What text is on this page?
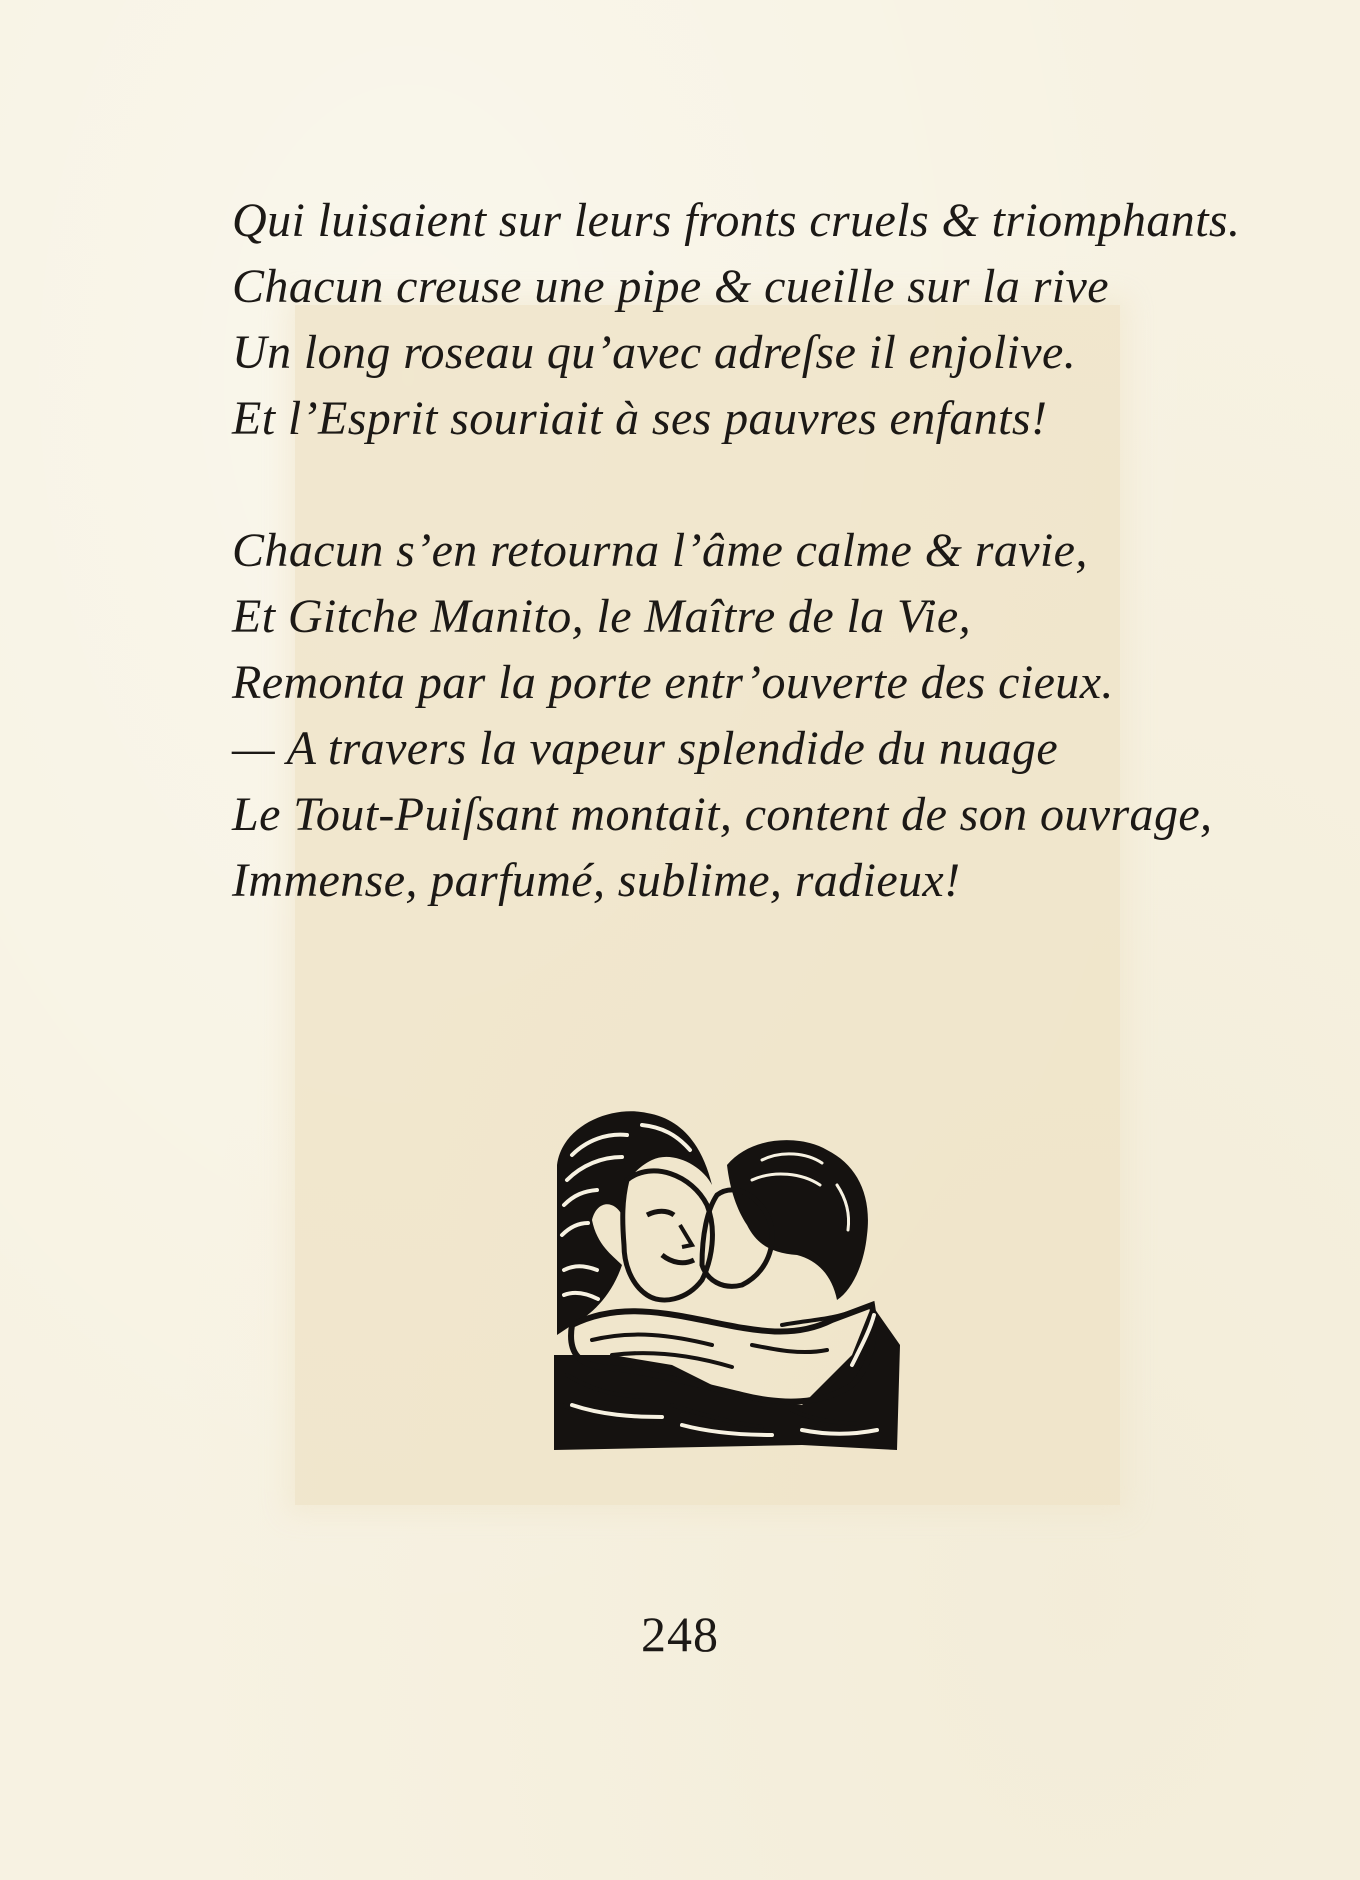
Qui luisaient sur leurs fronts cruels & triomphants.
Chacun creuse une pipe & cueille sur la rive
Un long roseau qu’avec adreſse il enjolive.
Et l’Esprit souriait à ses pauvres enfants!
Chacun s’en retourna l’âme calme & ravie,
Et Gitche Manito, le Maître de la Vie,
Remonta par la porte entr’ouverte des cieux.
— A travers la vapeur splendide du nuage
Le Tout-Puiſsant montait, content de son ouvrage,
Immense, parfumé, sublime, radieux!
248
